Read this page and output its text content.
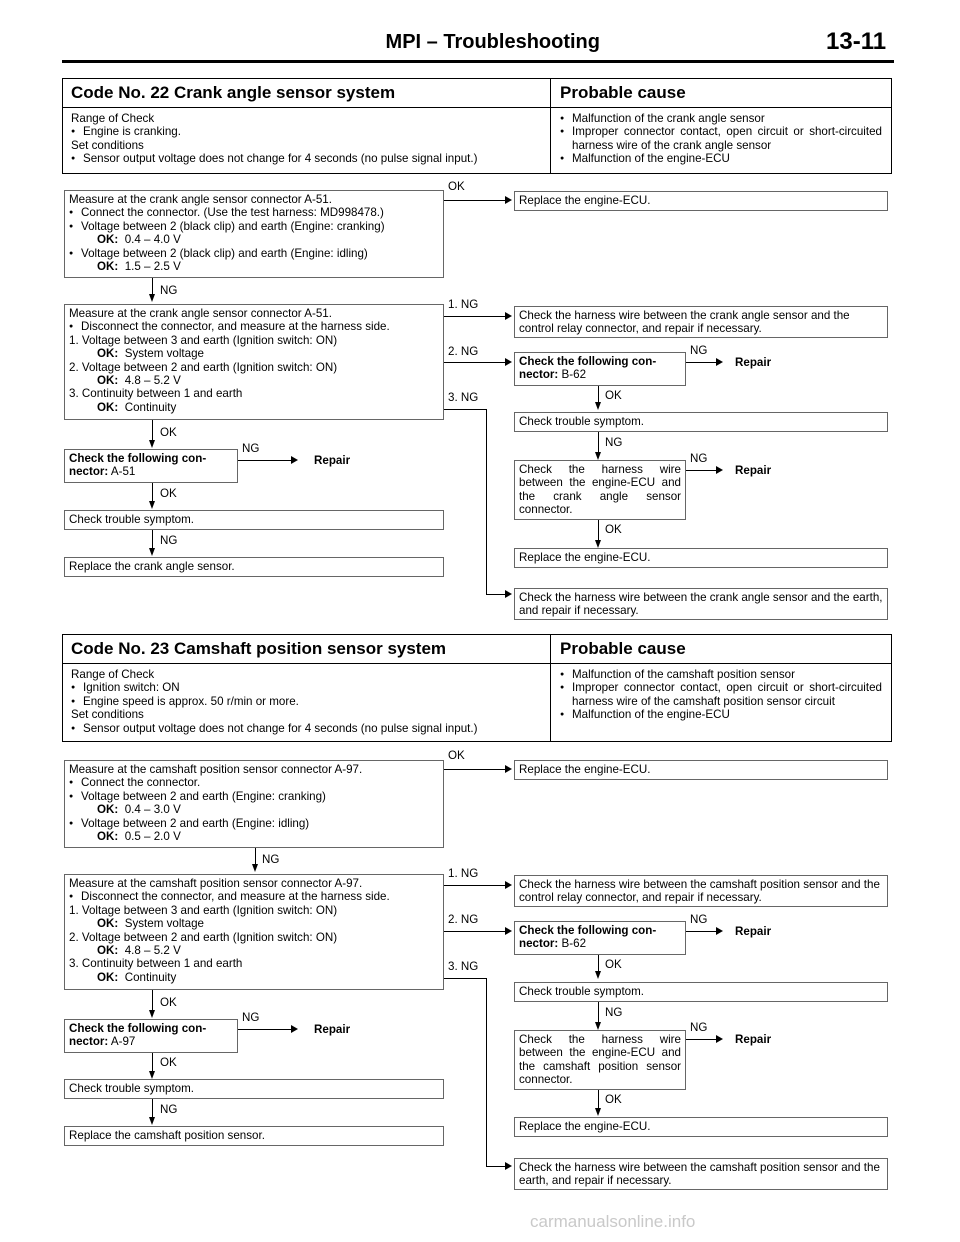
MPI – Troubleshooting	13-11
Code No. 22 Crank angle sensor system	Probable cause
Range of Check
● Engine is cranking.
Set conditions
● Sensor output voltage does not change for 4 seconds (no pulse signal input.)
● Malfunction of the crank angle sensor
● Improper connector contact, open circuit or short-circuited harness wire of the crank angle sensor
● Malfunction of the engine-ECU
Measure at the crank angle sensor connector A-51.
● Connect the connector. (Use the test harness: MD998478.)
● Voltage between 2 (black clip) and earth (Engine: cranking)
OK: 0.4 – 4.0 V
● Voltage between 2 (black clip) and earth (Engine: idling)
OK: 1.5 – 2.5 V
OK
Replace the engine-ECU.
NG
Measure at the crank angle sensor connector A-51.
● Disconnect the connector, and measure at the harness side.
1. Voltage between 3 and earth (Ignition switch: ON)
OK: System voltage
2. Voltage between 2 and earth (Ignition switch: ON)
OK: 4.8 – 5.2 V
3. Continuity between 1 and earth
OK: Continuity
1. NG
Check the harness wire between the crank angle sensor and the control relay connector, and repair if necessary.
2. NG
Check the following con-nector: B-62
NG
Repair
OK
3. NG
Check trouble symptom.
NG
Check the harness wire between the engine-ECU and the crank angle sensor connector.
NG
Repair
OK
Replace the engine-ECU.
Check the harness wire between the crank angle sensor and the earth, and repair if necessary.
OK
Check the following con-nector: A-51
NG
Repair
OK
Check trouble symptom.
NG
Replace the crank angle sensor.
Code No. 23 Camshaft position sensor system	Probable cause
Range of Check
● Ignition switch: ON
● Engine speed is approx. 50 r/min or more.
Set conditions
● Sensor output voltage does not change for 4 seconds (no pulse signal input.)
● Malfunction of the camshaft position sensor
● Improper connector contact, open circuit or short-circuited harness wire of the camshaft position sensor circuit
● Malfunction of the engine-ECU
Measure at the camshaft position sensor connector A-97.
● Connect the connector.
● Voltage between 2 and earth (Engine: cranking)
OK: 0.4 – 3.0 V
● Voltage between 2 and earth (Engine: idling)
OK: 0.5 – 2.0 V
OK
Replace the engine-ECU.
NG
Measure at the camshaft position sensor connector A-97.
● Disconnect the connector, and measure at the harness side.
1. Voltage between 3 and earth (Ignition switch: ON)
OK: System voltage
2. Voltage between 2 and earth (Ignition switch: ON)
OK: 4.8 – 5.2 V
3. Continuity between 1 and earth
OK: Continuity
1. NG
Check the harness wire between the camshaft position sensor and the control relay connector, and repair if necessary.
2. NG
Check the following con-nector: B-62
NG
Repair
OK
3. NG
Check trouble symptom.
NG
Check the harness wire between the engine-ECU and the camshaft position sensor connector.
NG
Repair
OK
Replace the engine-ECU.
Check the harness wire between the camshaft position sensor and the earth, and repair if necessary.
OK
Check the following con-nector: A-97
NG
Repair
OK
Check trouble symptom.
NG
Replace the camshaft position sensor.
carmanualsonline.info
